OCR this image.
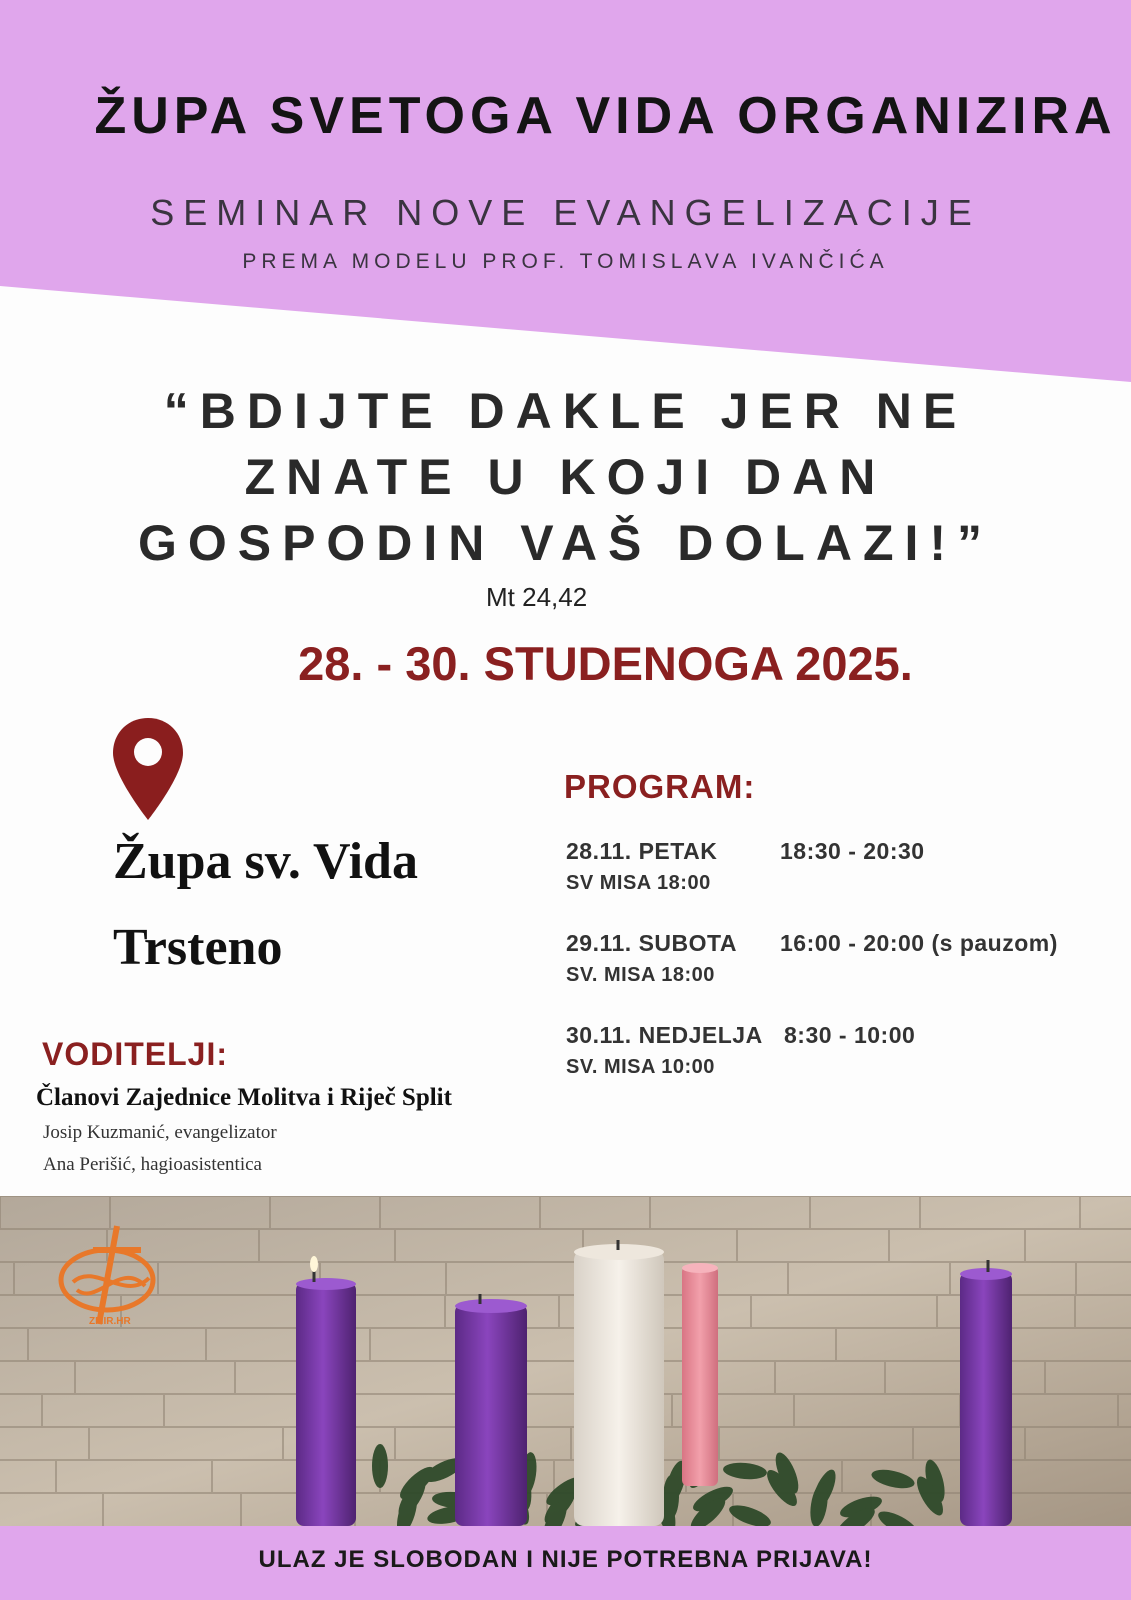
ŽUPA SVETOGA VIDA ORGANIZIRA
SEMINAR NOVE EVANGELIZACIJE
PREMA MODELU PROF. TOMISLAVA IVANČIĆA
“BDIJTE DAKLE JER NE
ZNATE U KOJI DAN
GOSPODIN VAŠ DOLAZI!”
Mt 24,42
28. - 30. STUDENOGA 2025.
Župa sv. Vida
Trsteno
PROGRAM:
28.11. PETAK	18:30 - 20:30
SV MISA 18:00
29.11. SUBOTA 16:00 - 20:00 (s pauzom)
SV. MISA 18:00
30.11. NEDJELJA 8:30 - 10:00
SV. MISA 10:00
VODITELJI:
Članovi Zajednice Molitva i Riječ Split
Josip Kuzmanić, evangelizator
Ana Perišić, hagioasistentica
ZMIR.HR
ULAZ JE SLOBODAN I NIJE POTREBNA PRIJAVA!
